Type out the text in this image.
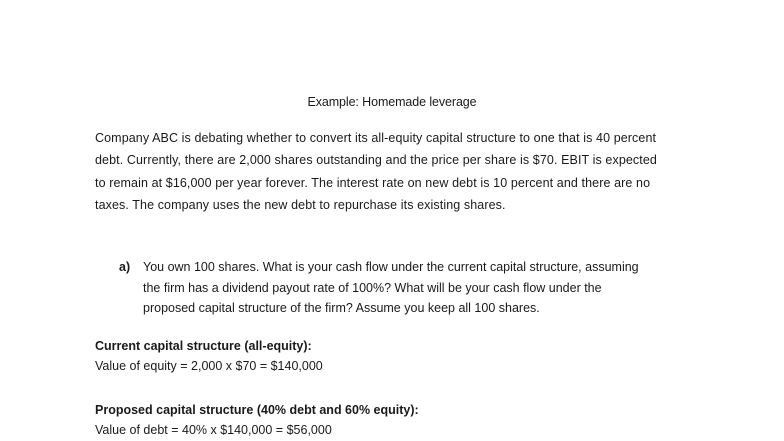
Example: Homemade leverage
Company ABC is debating whether to convert its all-equity capital structure to one that is 40 percent
debt. Currently, there are 2,000 shares outstanding and the price per share is $70. EBIT is expected
to remain at $16,000 per year forever. The interest rate on new debt is 10 percent and there are no
taxes. The company uses the new debt to repurchase its existing shares.
a) You own 100 shares. What is your cash flow under the current capital structure, assuming
the firm has a dividend payout rate of 100%? What will be your cash flow under the
proposed capital structure of the firm? Assume you keep all 100 shares.
Current capital structure (all-equity):
Value of equity = 2,000 x $70 = $140,000
Proposed capital structure (40% debt and 60% equity):
Value of debt = 40% x $140,000 = $56,000
